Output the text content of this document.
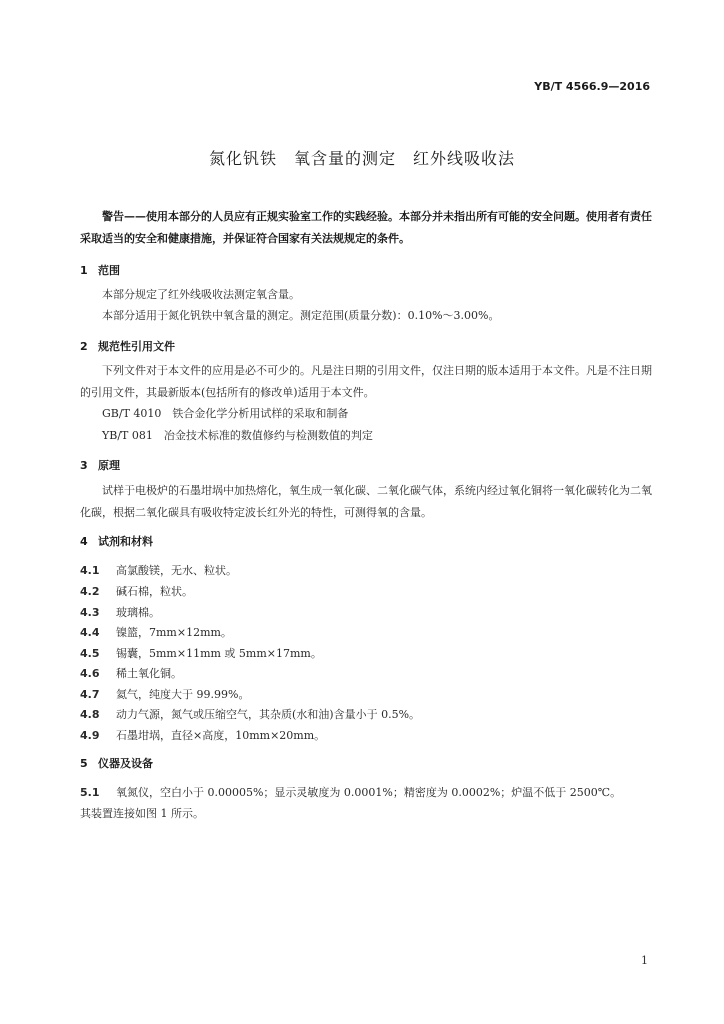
YB/T 4566.9—2016
氮化钒铁　氧含量的测定　红外线吸收法
警告——使用本部分的人员应有正规实验室工作的实践经验。本部分并未指出所有可能的安全问题。使用者有责任采取适当的安全和健康措施，并保证符合国家有关法规规定的条件。
1 范围
本部分规定了红外线吸收法测定氧含量。
本部分适用于氮化钒铁中氧含量的测定。测定范围(质量分数)：0.10%～3.00%。
2 规范性引用文件
下列文件对于本文件的应用是必不可少的。凡是注日期的引用文件，仅注日期的版本适用于本文件。凡是不注日期的引用文件，其最新版本(包括所有的修改单)适用于本文件。
GB/T 4010　铁合金化学分析用试样的采取和制备
YB/T 081　冶金技术标准的数值修约与检测数值的判定
3 原理
试样于电极炉的石墨坩埚中加热熔化，氧生成一氧化碳、二氧化碳气体，系统内经过氧化铜将一氧化碳转化为二氧化碳，根据二氧化碳具有吸收特定波长红外光的特性，可测得氧的含量。
4 试剂和材料
4.1 高氯酸镁，无水、粒状。
4.2 碱石棉，粒状。
4.3 玻璃棉。
4.4 镍篮，7mm×12mm。
4.5 锡囊，5mm×11mm 或 5mm×17mm。
4.6 稀土氧化铜。
4.7 氦气，纯度大于 99.99%。
4.8 动力气源，氮气或压缩空气，其杂质(水和油)含量小于 0.5%。
4.9 石墨坩埚，直径×高度，10mm×20mm。
5 仪器及设备
5.1 氧氮仪，空白小于 0.00005%；显示灵敏度为 0.0001%；精密度为 0.0002%；炉温不低于 2500℃。
其装置连接如图 1 所示。
1
